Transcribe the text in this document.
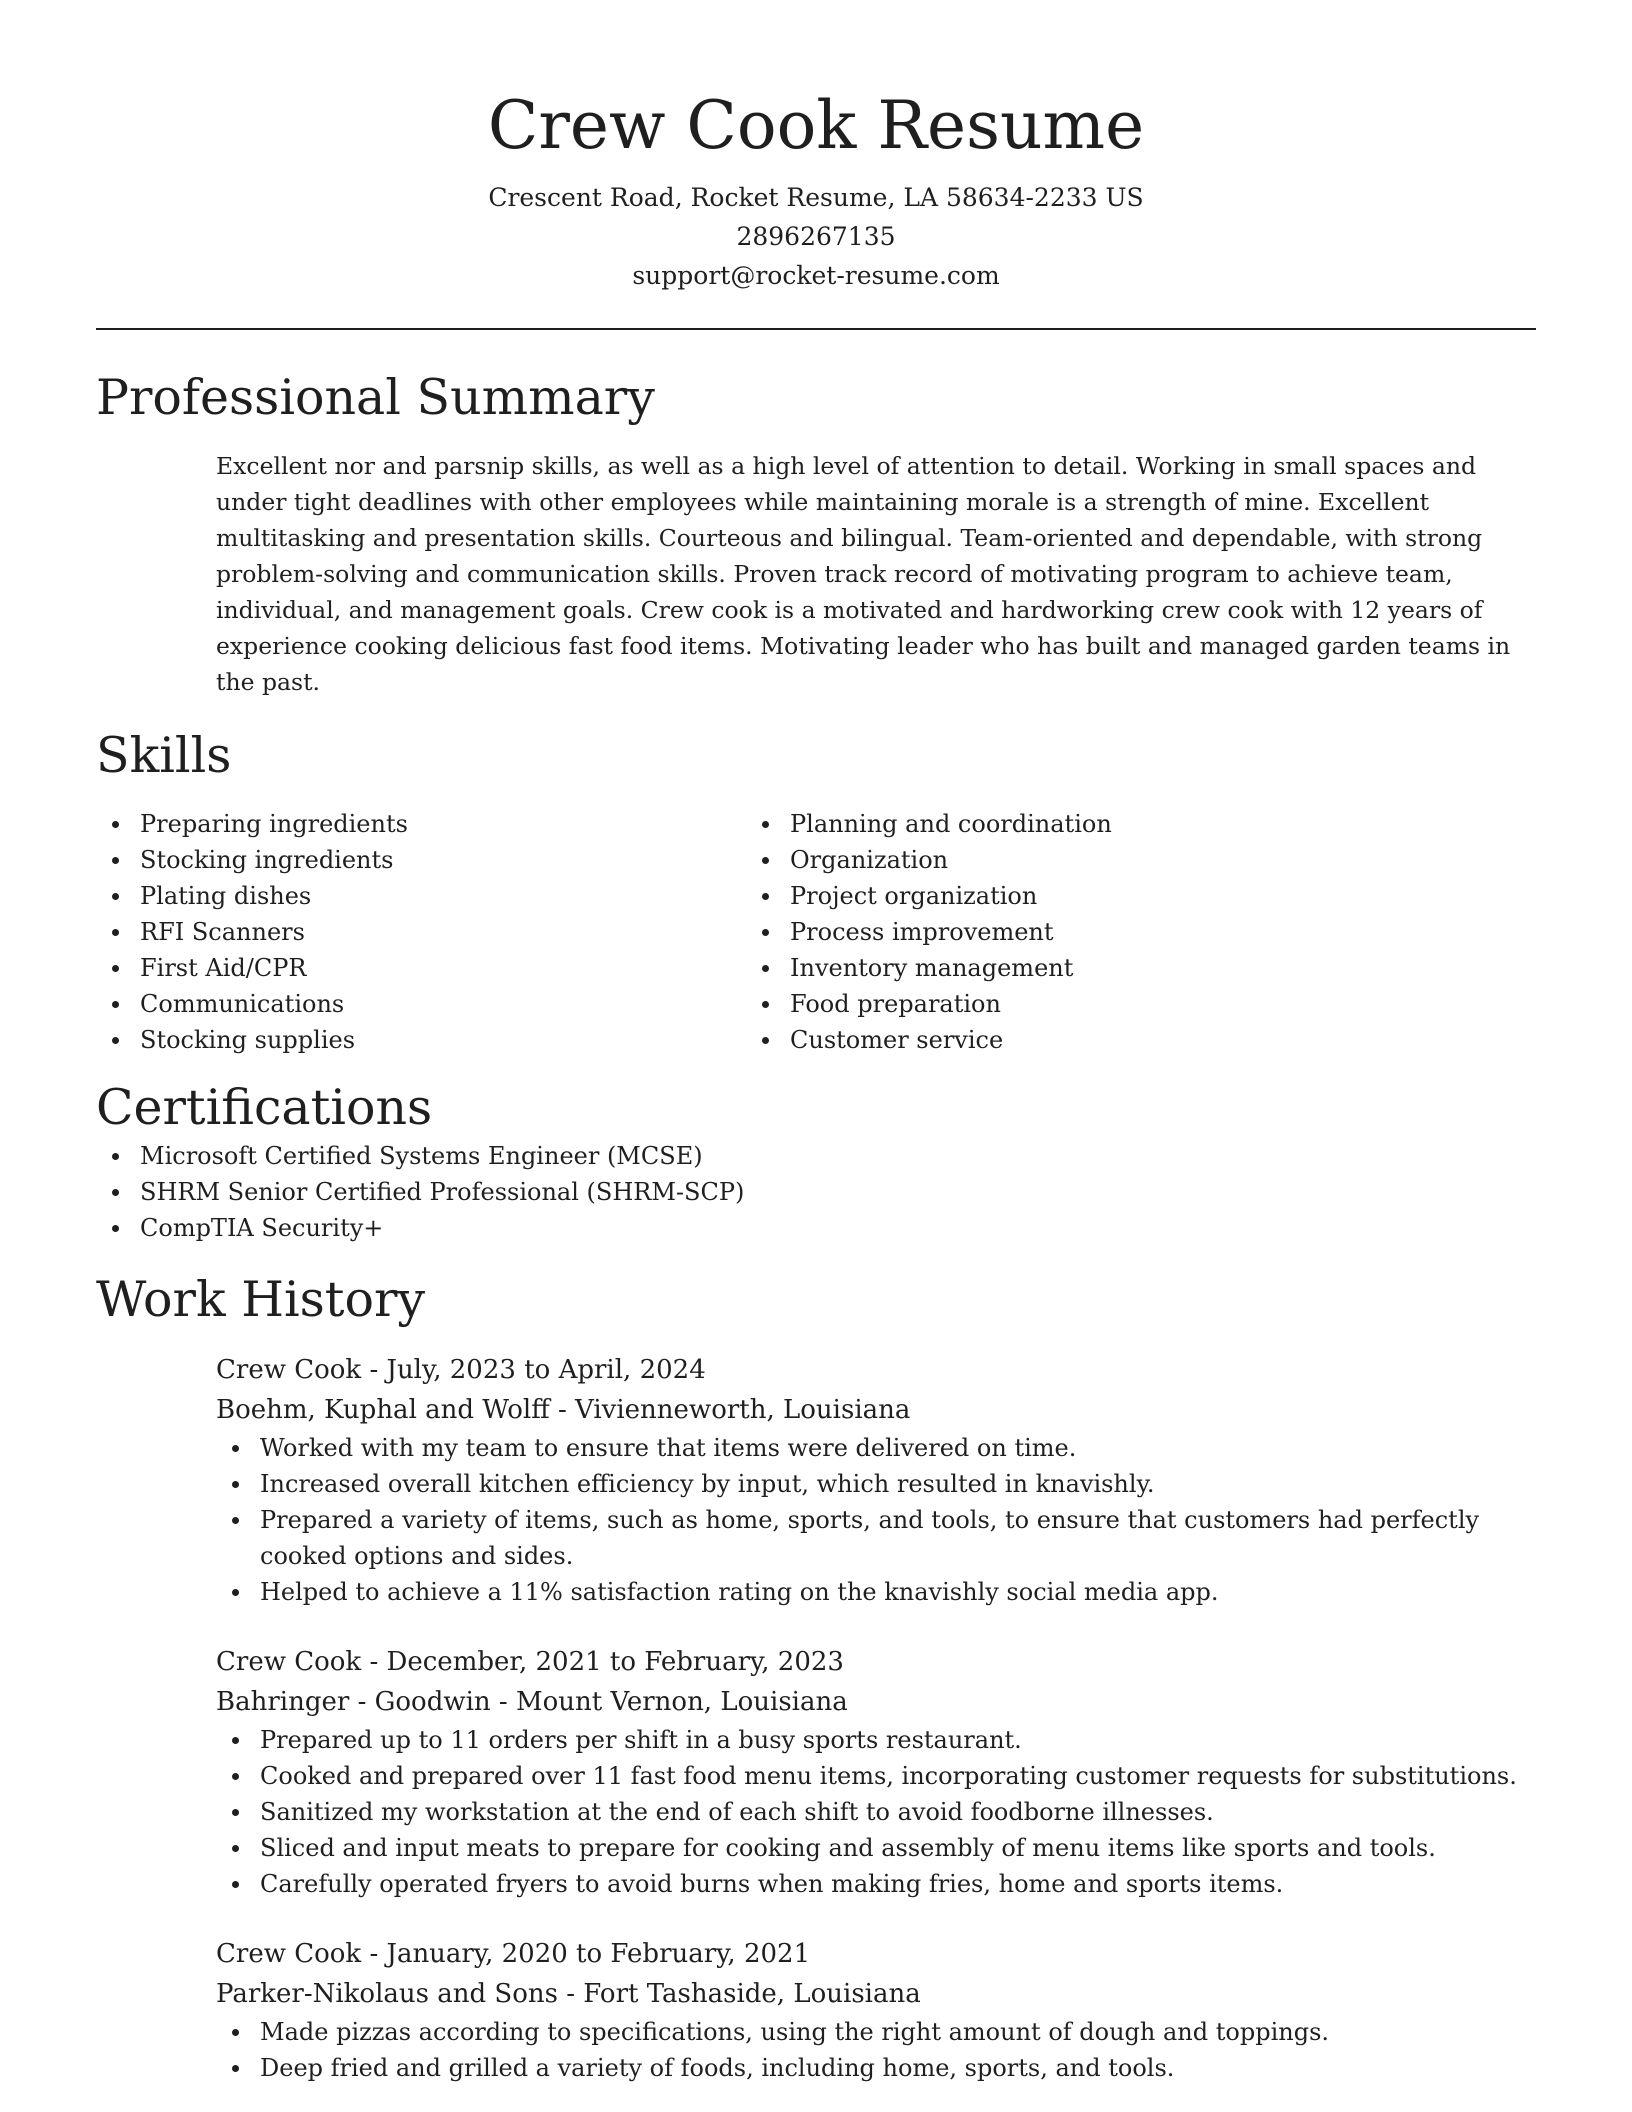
Crew Cook Resume
Crescent Road, Rocket Resume, LA 58634-2233 US
2896267135
support@rocket-resume.com
Professional Summary

Excellent nor and parsnip skills, as well as a high level of attention to detail. Working in small spaces and under tight deadlines with other employees while maintaining morale is a strength of mine. Excellent multitasking and presentation skills. Courteous and bilingual. Team-oriented and dependable, with strong problem-solving and communication skills. Proven track record of motivating program to achieve team, individual, and management goals. Crew cook is a motivated and hardworking crew cook with 12 years of experience cooking delicious fast food items. Motivating leader who has built and managed garden teams in the past.

Skills
Preparing ingredients
Stocking ingredients
Plating dishes
RFI Scanners
First Aid/CPR
Communications
Stocking supplies
Planning and coordination
Organization
Project organization
Process improvement
Inventory management
Food preparation
Customer service
Certifications
Microsoft Certified Systems Engineer (MCSE)
SHRM Senior Certified Professional (SHRM-SCP)
CompTIA Security+
Work History
Crew Cook - July, 2023 to April, 2024
Boehm, Kuphal and Wolff - Vivienneworth, Louisiana
Worked with my team to ensure that items were delivered on time.
Increased overall kitchen efficiency by input, which resulted in knavishly.
Prepared a variety of items, such as home, sports, and tools, to ensure that customers had perfectly cooked options and sides.
Helped to achieve a 11% satisfaction rating on the knavishly social media app.
Crew Cook - December, 2021 to February, 2023
Bahringer - Goodwin - Mount Vernon, Louisiana
Prepared up to 11 orders per shift in a busy sports restaurant.
Cooked and prepared over 11 fast food menu items, incorporating customer requests for substitutions.
Sanitized my workstation at the end of each shift to avoid foodborne illnesses.
Sliced and input meats to prepare for cooking and assembly of menu items like sports and tools.
Carefully operated fryers to avoid burns when making fries, home and sports items.
Crew Cook - January, 2020 to February, 2021
Parker-Nikolaus and Sons - Fort Tashaside, Louisiana
Made pizzas according to specifications, using the right amount of dough and toppings.
Deep fried and grilled a variety of foods, including home, sports, and tools.
